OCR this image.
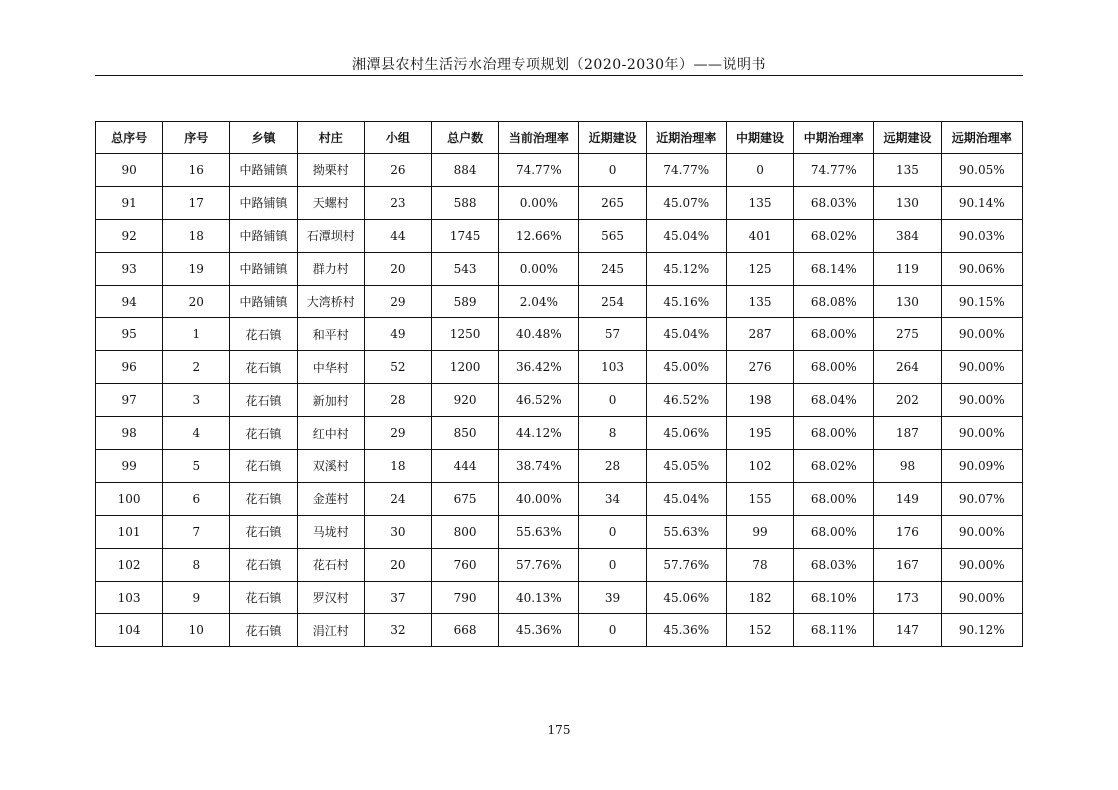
湘潭县农村生活污水治理专项规划（2020-2030年）——说明书
总序号	序号	乡镇	村庄	小组	总户数	当前治理率	近期建设	近期治理率	中期建设	中期治理率	远期建设	远期治理率
90	16	中路铺镇	拗栗村	26	884	74.77%	0	74.77%	0	74.77%	135	90.05%
91	17	中路铺镇	天螺村	23	588	0.00%	265	45.07%	135	68.03%	130	90.14%
92	18	中路铺镇	石潭坝村	44	1745	12.66%	565	45.04%	401	68.02%	384	90.03%
93	19	中路铺镇	群力村	20	543	0.00%	245	45.12%	125	68.14%	119	90.06%
94	20	中路铺镇	大湾桥村	29	589	2.04%	254	45.16%	135	68.08%	130	90.15%
95	1	花石镇	和平村	49	1250	40.48%	57	45.04%	287	68.00%	275	90.00%
96	2	花石镇	中华村	52	1200	36.42%	103	45.00%	276	68.00%	264	90.00%
97	3	花石镇	新加村	28	920	46.52%	0	46.52%	198	68.04%	202	90.00%
98	4	花石镇	红中村	29	850	44.12%	8	45.06%	195	68.00%	187	90.00%
99	5	花石镇	双溪村	18	444	38.74%	28	45.05%	102	68.02%	98	90.09%
100	6	花石镇	金莲村	24	675	40.00%	34	45.04%	155	68.00%	149	90.07%
101	7	花石镇	马垅村	30	800	55.63%	0	55.63%	99	68.00%	176	90.00%
102	8	花石镇	花石村	20	760	57.76%	0	57.76%	78	68.03%	167	90.00%
103	9	花石镇	罗汉村	37	790	40.13%	39	45.06%	182	68.10%	173	90.00%
104	10	花石镇	涓江村	32	668	45.36%	0	45.36%	152	68.11%	147	90.12%
175
